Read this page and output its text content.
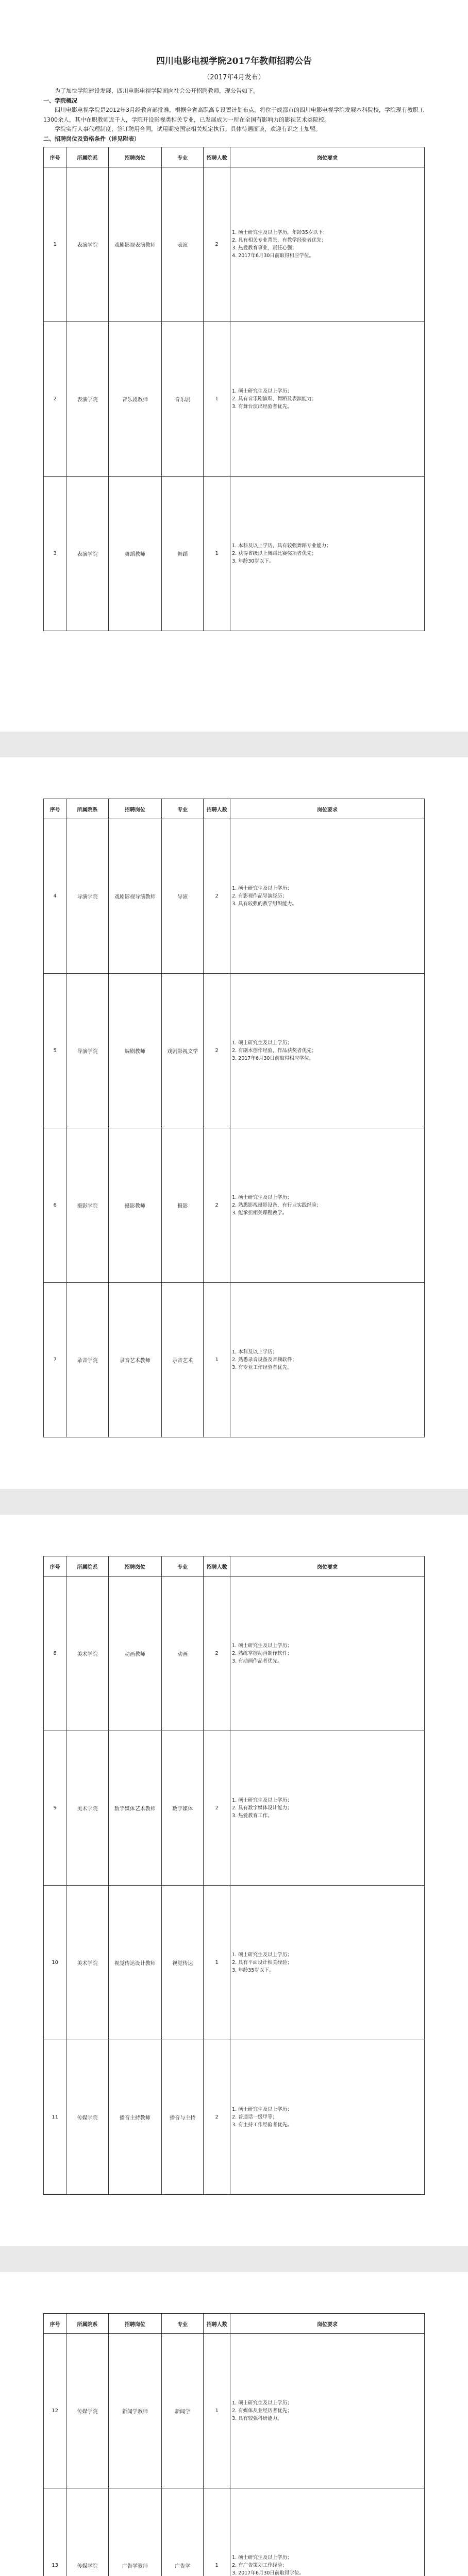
四川电影电视学院2017年教师招聘公告
（2017年4月发布）

为了加快学院建设发展，四川电影电视学院面向社会公开招聘教师，现公告如下。

一、学院概况

四川电影电视学院是2012年3月经教育部批准，根据全省高职高专设置计划布点，将位于成都市的四川电影电视学院发展本科院校，学院现有教职工1300余人，其中在职教师近千人，学院开设影视类相关专业，已发展成为一所在全国有影响力的影视艺术类院校。

学院实行人事代理制度，签订聘用合同，试用期按国家相关规定执行。具体待遇面谈，欢迎有识之士加盟。

二、招聘岗位及资格条件（详见附表）

序号	所属院系	招聘岗位	专业	招聘人数	岗位要求
1	表演学院	戏剧影视表演教师	表演	2	1. 硕士研究生及以上学历，年龄35岁以下；
2. 具有相关专业背景，有教学经验者优先；
3. 热爱教育事业，责任心强；
4. 2017年6月30日前取得相应学位。

2	表演学院	音乐剧教师	音乐剧	1	1. 硕士研究生及以上学历；
2. 具有音乐剧演唱、舞蹈及表演能力；
3. 有舞台演出经验者优先。

3	表演学院	舞蹈教师	舞蹈	1	1. 本科及以上学历，具有较强舞蹈专业能力；
2. 获得省级以上舞蹈比赛奖项者优先；
3. 年龄30岁以下。
序号	所属院系	招聘岗位	专业	招聘人数	岗位要求
4	导演学院	戏剧影视导演教师	导演	2	1. 硕士研究生及以上学历；
2. 有影视作品导演经历；
3. 具有较强的教学组织能力。

5	导演学院	编剧教师	戏剧影视文学	2	1. 硕士研究生及以上学历；
2. 有剧本创作经验，作品获奖者优先；
3. 2017年6月30日前取得相应学位。

6	摄影学院	摄影教师	摄影	2	1. 硕士研究生及以上学历；
2. 熟悉影视摄影设备，有行业实践经验；
3. 能承担相关课程教学。

7	录音学院	录音艺术教师	录音艺术	1	1. 本科及以上学历；
2. 熟悉录音设备及音频软件；
3. 有专业工作经验者优先。
序号	所属院系	招聘岗位	专业	招聘人数	岗位要求
8	美术学院	动画教师	动画	2	1. 硕士研究生及以上学历；
2. 熟练掌握动画制作软件；
3. 有动画作品者优先。

9	美术学院	数字媒体艺术教师	数字媒体	2	1. 硕士研究生及以上学历；
2. 具有数字媒体设计能力；
3. 热爱教育工作。

10	美术学院	视觉传达设计教师	视觉传达	1	1. 硕士研究生及以上学历；
2. 具有平面设计相关经验；
3. 年龄35岁以下。

11	传媒学院	播音主持教师	播音与主持	2	1. 硕士研究生及以上学历；
2. 普通话一级甲等；
3. 有主持工作经验者优先。
序号	所属院系	招聘岗位	专业	招聘人数	岗位要求
12	传媒学院	新闻学教师	新闻学	1	1. 硕士研究生及以上学历；
2. 有媒体从业经历者优先；
3. 具有较强科研能力。

13	传媒学院	广告学教师	广告学	1	1. 硕士研究生及以上学历；
2. 有广告策划工作经验；
3. 2017年6月30日前取得学位。
